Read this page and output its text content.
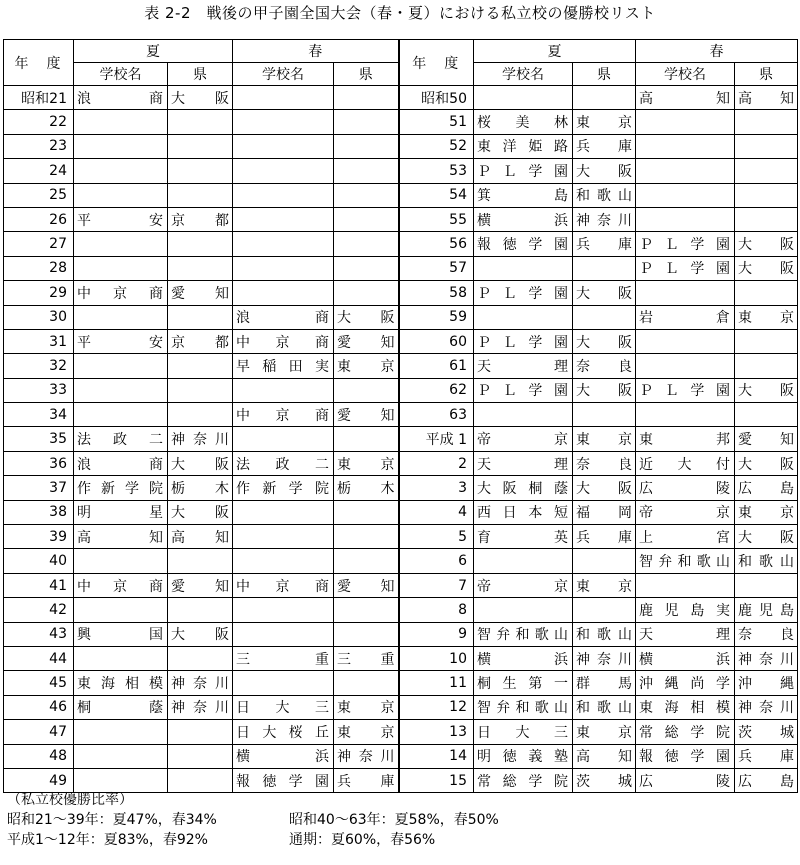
表 2-2　戦後の甲子園全国大会（春・夏）における私立校の優勝校リスト
年　度	夏		春		年　度	夏		春	
	学校名	県	学校名	県		学校名	県	学校名	県
昭和21	浪商	大阪			昭和50			高知	高知
22					51	桜美林	東京		
23					52	東洋姫路	兵庫		
24					53	ＰＬ学園	大阪		
25					54	箕島	和歌山		
26	平安	京都			55	横浜	神奈川		
27					56	報徳学園	兵庫	ＰＬ学園	大阪
28					57			ＰＬ学園	大阪
29	中京商	愛知			58	ＰＬ学園	大阪		
30			浪商	大阪	59			岩倉	東京
31	平安	京都	中京商	愛知	60	ＰＬ学園	大阪		
32			早稲田実	東京	61	天理	奈良		
33					62	ＰＬ学園	大阪	ＰＬ学園	大阪
34			中京商	愛知	63				
35	法政二	神奈川			平成 1	帝京	東京	東邦	愛知
36	浪商	大阪	法政二	東京	2	天理	奈良	近大付	大阪
37	作新学院	栃木	作新学院	栃木	3	大阪桐蔭	大阪	広陵	広島
38	明星	大阪			4	西日本短	福岡	帝京	東京
39	高知	高知			5	育英	兵庫	上宮	大阪
40					6			智弁和歌山	和歌山
41	中京商	愛知	中京商	愛知	7	帝京	東京		
42					8			鹿児島実	鹿児島
43	興国	大阪			9	智弁和歌山	和歌山	天理	奈良
44			三重	三重	10	横浜	神奈川	横浜	神奈川
45	東海相模	神奈川			11	桐生第一	群馬	沖縄尚学	沖縄
46	桐蔭	神奈川	日大三	東京	12	智弁和歌山	和歌山	東海相模	神奈川
47			日大桜丘	東京	13	日大三	東京	常総学院	茨城
48			横浜	神奈川	14	明徳義塾	高知	報徳学園	兵庫
49			報徳学園	兵庫	15	常総学院	茨城	広陵	広島
（私立校優勝比率）
昭和21～39年：夏47%，春34%	昭和40～63年：夏58%，春50%
平成1～12年：夏83%，春92%	通期：夏60%，春56%
